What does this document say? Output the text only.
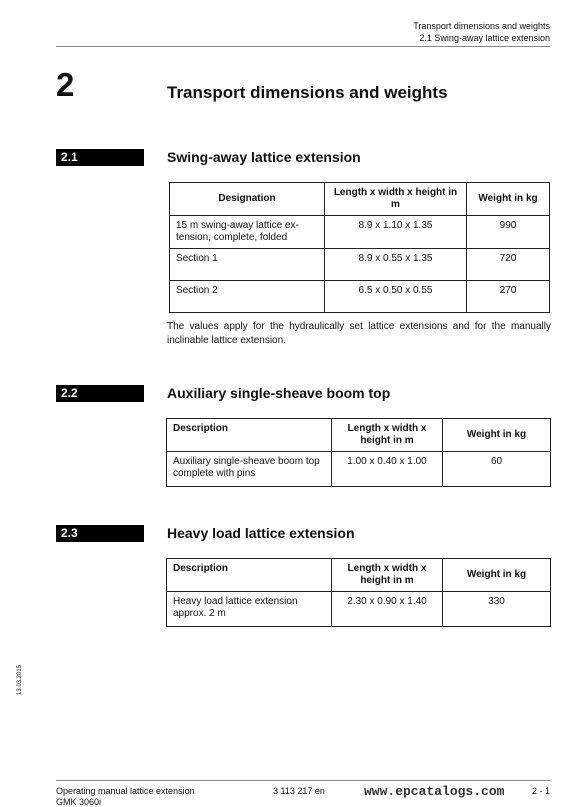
Transport dimensions and weights
2.1 Swing-away lattice extension
2	Transport dimensions and weights
2.1	Swing-away lattice extension
Designation	Length x width x height in m	Weight in kg
15 m swing-away lattice ex-tension, complete, folded	8.9 x 1.10 x 1.35	990
Section 1	8.9 x 0.55 x 1.35	720
Section 2	6.5 x 0.50 x 0.55	270
The values apply for the hydraulically set lattice extensions and for the manually inclinable lattice extension.
2.2	Auxiliary single-sheave boom top
Description	Length x width x height in m	Weight in kg
Auxiliary single-sheave boom top complete with pins	1.00 x 0.40 x 1.00	60
2.3	Heavy load lattice extension
Description	Length x width x height in m	Weight in kg
Heavy load lattice extension approx. 2 m	2.30 x 0.90 x 1.40	330
13.03.2015
Operating manual lattice extension
GMK 3060i
3 113 217 en	www.epcatalogs.com	2 - 1
